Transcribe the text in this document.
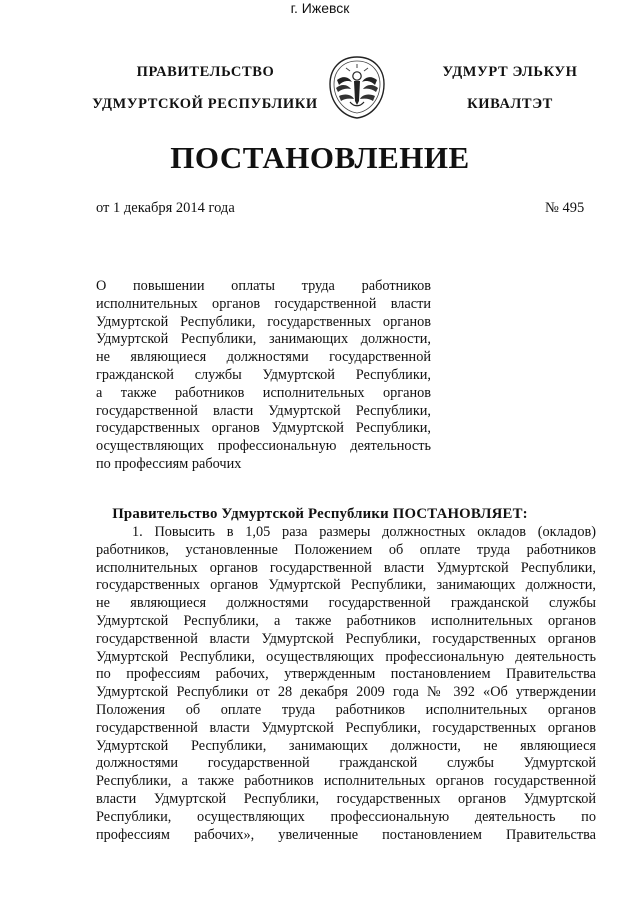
ПРАВИТЕЛЬСТВО
УДМУРТСКОЙ РЕСПУБЛИКИ
УДМУРТ ЭЛЬКУН
КИВАЛТЭТ
ПОСТАНОВЛЕНИЕ
от 1 декабря 2014 года	№ 495
г. Ижевск
О повышении оплаты труда работников
исполнительных органов государственной власти
Удмуртской Республики, государственных органов
Удмуртской Республики, занимающих должности,
не являющиеся должностями государственной
гражданской службы Удмуртской Республики,
а также работников исполнительных органов
государственной власти Удмуртской Республики,
государственных органов Удмуртской Республики,
осуществляющих профессиональную деятельность
по профессиям рабочих
Правительство Удмуртской Республики ПОСТАНОВЛЯЕТ:
1. Повысить в 1,05 раза размеры должностных окладов (окладов)
работников, установленные Положением об оплате труда работников
исполнительных органов государственной власти Удмуртской Республики,
государственных органов Удмуртской Республики, занимающих должности,
не являющиеся должностями государственной гражданской службы
Удмуртской Республики, а также работников исполнительных органов
государственной власти Удмуртской Республики, государственных органов
Удмуртской Республики, осуществляющих профессиональную деятельность
по профессиям рабочих, утвержденным постановлением Правительства
Удмуртской Республики от 28 декабря 2009 года № 392 «Об утверждении
Положения об оплате труда работников исполнительных органов
государственной власти Удмуртской Республики, государственных органов
Удмуртской Республики, занимающих должности, не являющиеся
должностями государственной гражданской службы Удмуртской
Республики, а также работников исполнительных органов государственной
власти Удмуртской Республики, государственных органов Удмуртской
Республики, осуществляющих профессиональную деятельность по
профессиям рабочих», увеличенные постановлением Правительства
